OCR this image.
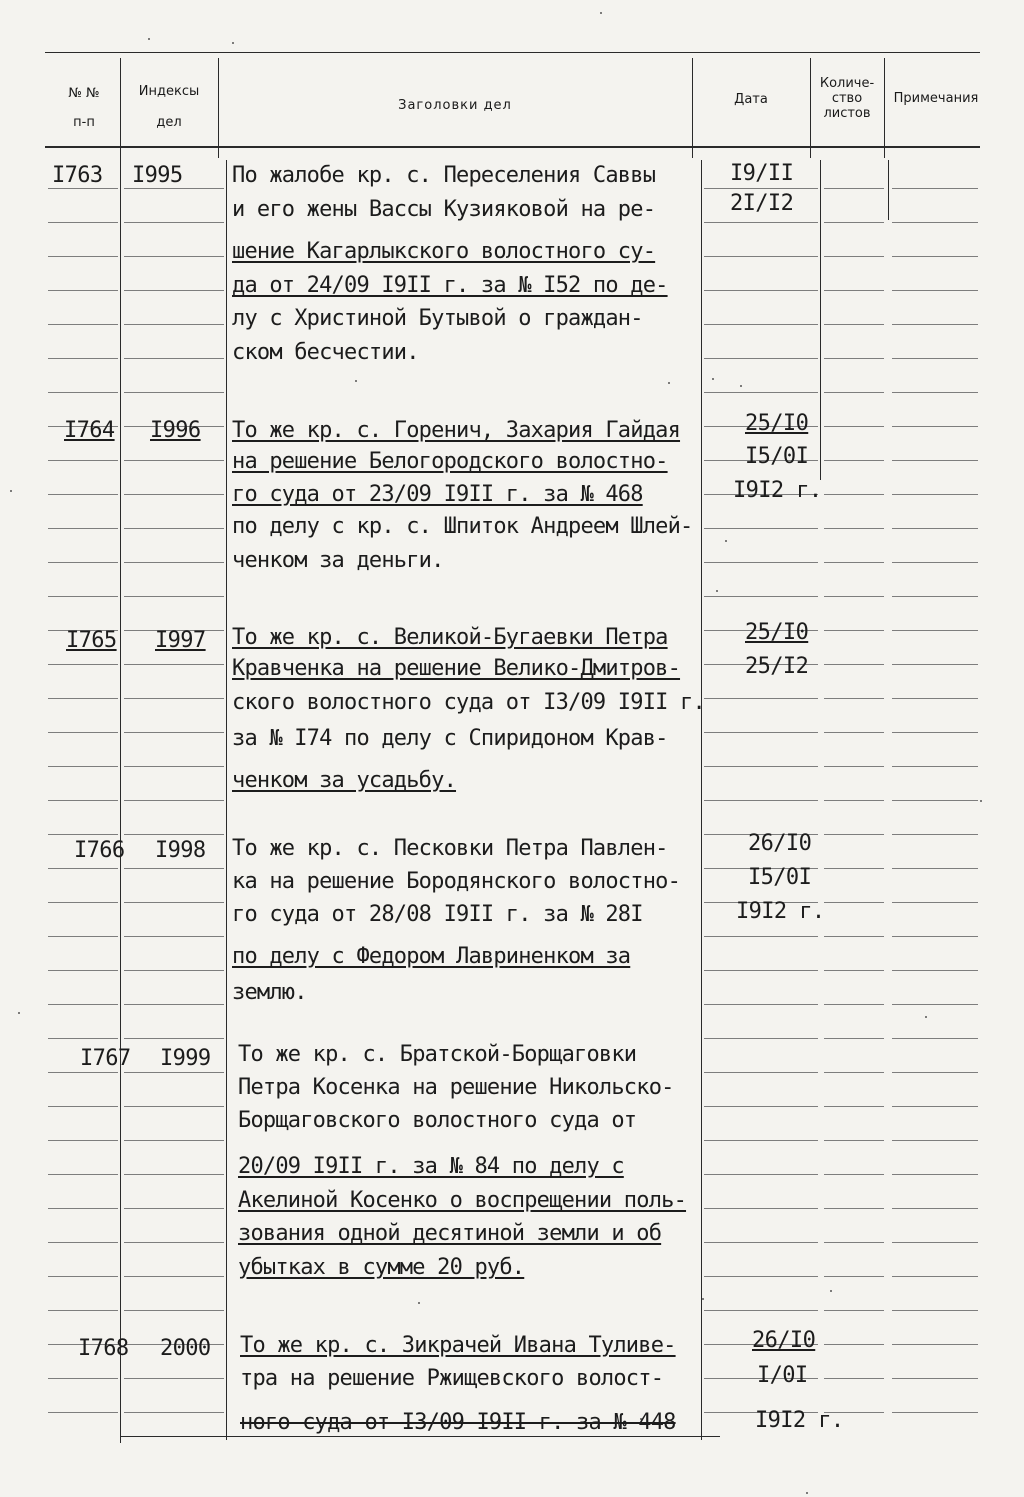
№ №
п-п
Индексы
дел
Заголовки дел	Дата
Количе-
ство
листов
Примечания
I763 I995 По жалобе кр. с. Переселения Саввы
и его жены Вассы Кузияковой на ре-
шение Кагарлыкского волостного су-
да от 24/09 I9II г. за № I52 по де-
лу с Христиной Бутывой о граждан-
ском бесчестии.
I9/II
2I/I2
I764 I996 То же кр. с. Горенич, Захария Гайдая
на решение Белогородского волостно-
го суда от 23/09 I9II г. за № 468
по делу с кр. с. Шпиток Андреем Шлей-
ченком за деньги.
25/I0
I5/0I
I9I2 г.
I765 I997 То же кр. с. Великой-Бугаевки Петра
Кравченка на решение Велико-Дмитров-
ского волостного суда от I3/09 I9II г.
за № I74 по делу с Спиридоном Крав-
ченком за усадьбу.
25/I0
25/I2
I766 I998 То же кр. с. Песковки Петра Павлен-
ка на решение Бородянского волостно-
го суда от 28/08 I9II г. за № 28I
по делу с Федором Лавриненком за
землю.
26/I0
I5/0I
I9I2 г.
I767 I999 То же кр. с. Братской-Борщаговки
Петра Косенка на решение Никольско-
Борщаговского волостного суда от
20/09 I9II г. за № 84 по делу с
Акелиной Косенко о воспрещении поль-
зования одной десятиной земли и об
убытках в сумме 20 руб.
I768 2000 То же кр. с. Зикрачей Ивана Туливе-
тра на решение Ржищевского волост-
ного суда от I3/09 I9II г. за № 448
26/I0
I/0I
I9I2 г.
